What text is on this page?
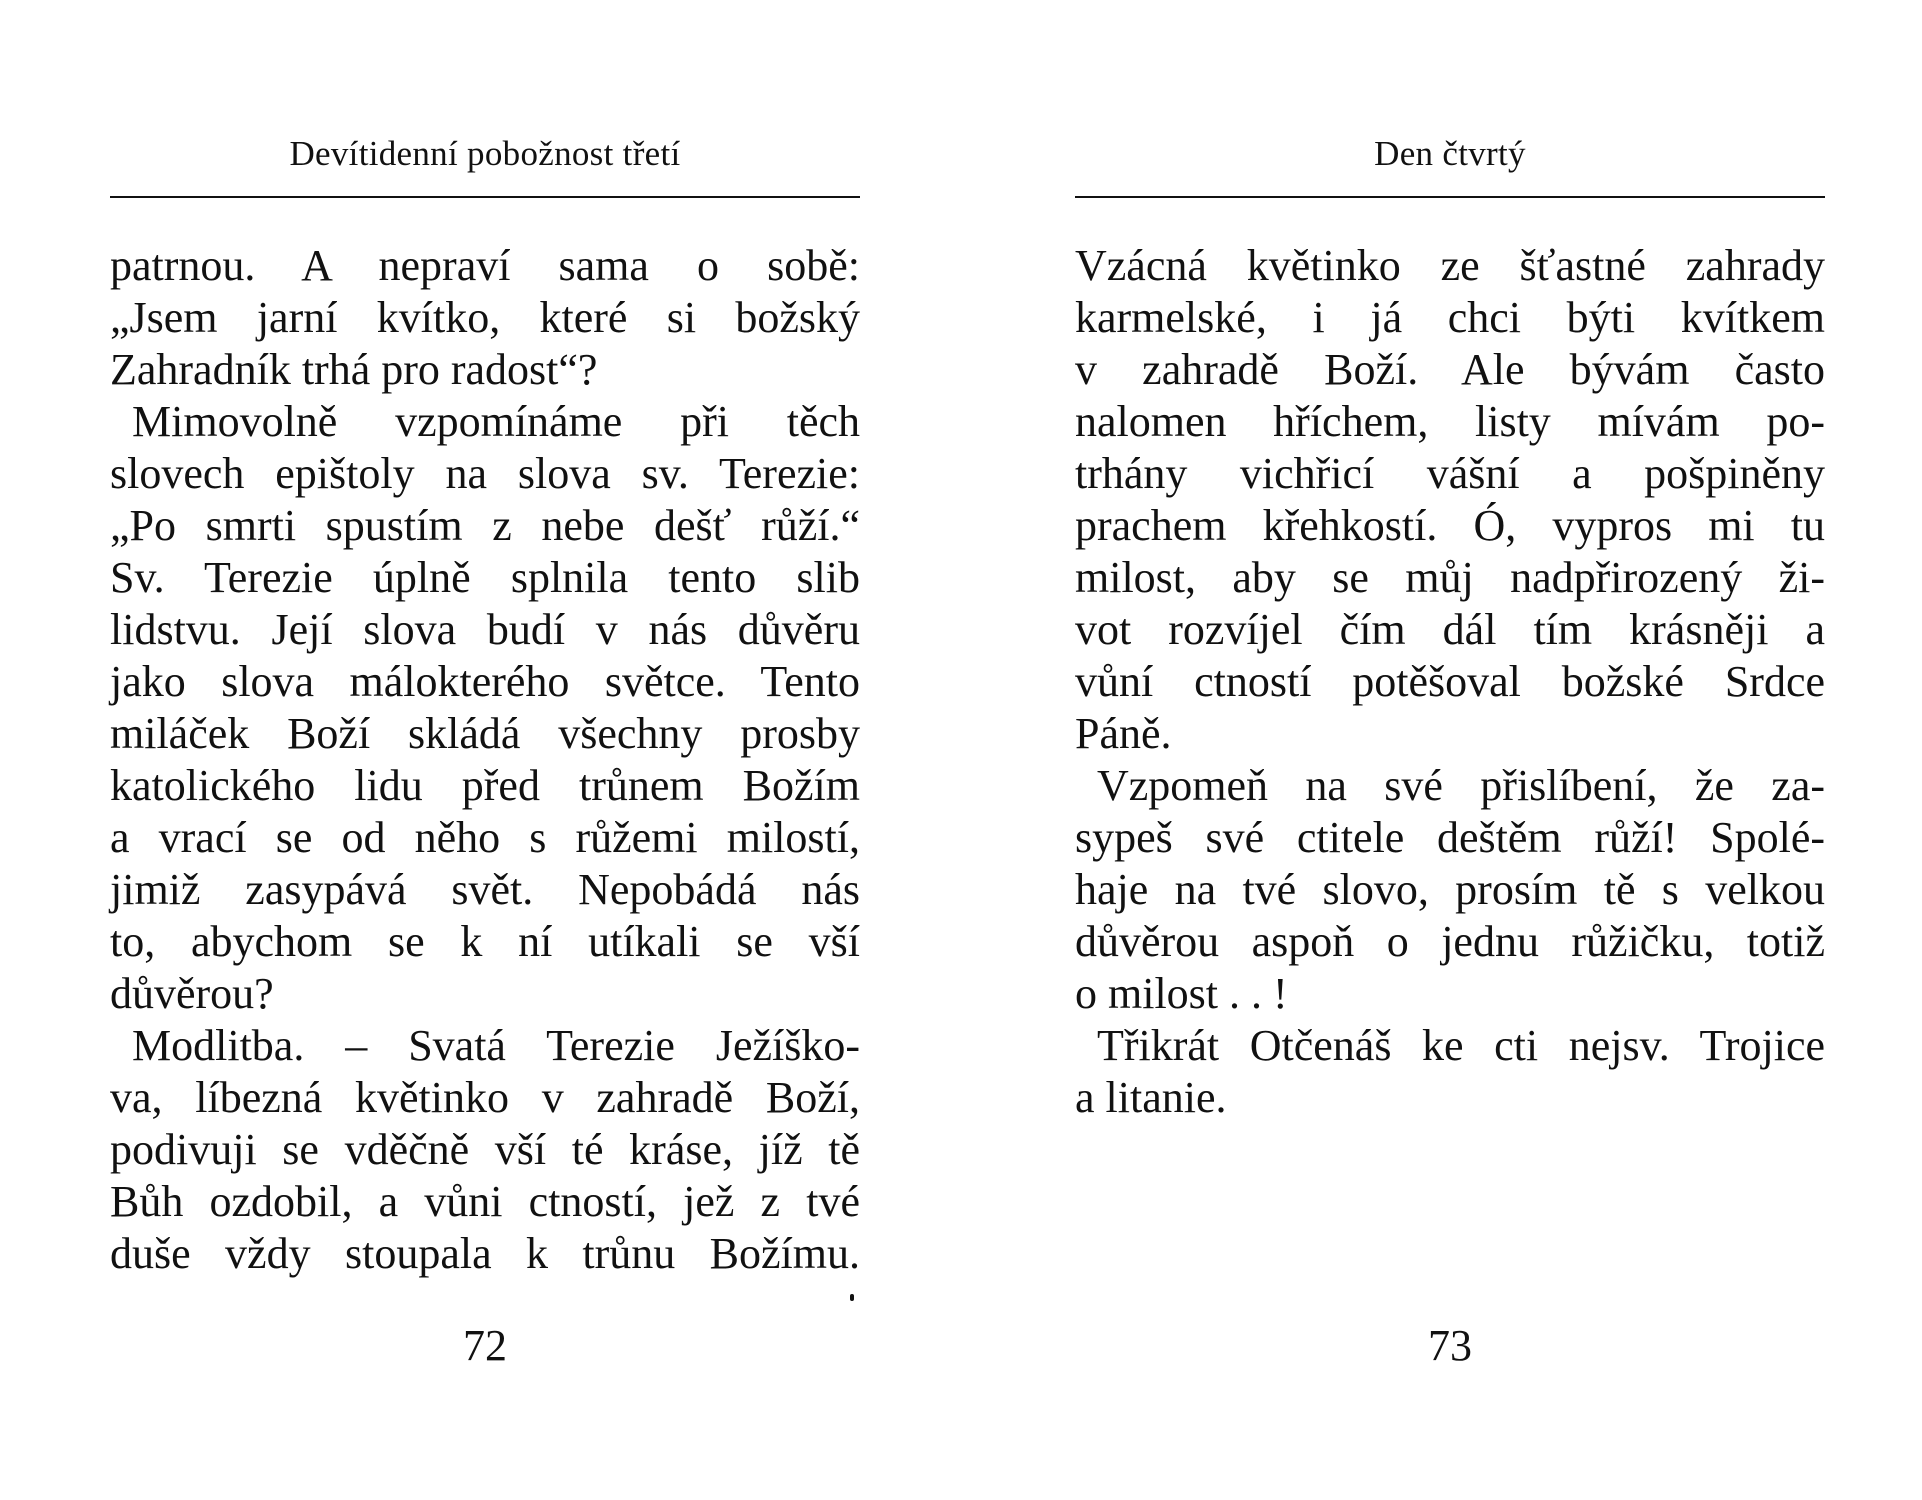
Devítidenní pobožnost třetí
patrnou. A nepraví sama o sobě:
„Jsem jarní kvítko, které si božský
Zahradník trhá pro radost“?
Mimovolně vzpomínáme při těch
slovech epištoly na slova sv. Terezie:
„Po smrti spustím z nebe dešť růží.“
Sv. Terezie úplně splnila tento slib
lidstvu. Její slova budí v nás důvěru
jako slova málokterého světce. Tento
miláček Boží skládá všechny prosby
katolického lidu před trůnem Božím
a vrací se od něho s růžemi milostí,
jimiž zasypává svět. Nepobádá nás
to, abychom se k ní utíkali se vší
důvěrou?
Modlitba. – Svatá Terezie Ježíško-
va, líbezná květinko v zahradě Boží,
podivuji se vděčně vší té kráse, jíž tě
Bůh ozdobil, a vůni ctností, jež z tvé
duše vždy stoupala k trůnu Božímu.
72
Den čtvrtý
Vzácná květinko ze šťastné zahrady
karmelské, i já chci býti kvítkem
v zahradě Boží. Ale bývám často
nalomen hříchem, listy mívám po-
trhány vichřicí vášní a pošpiněny
prachem křehkostí. Ó, vypros mi tu
milost, aby se můj nadpřirozený ži-
vot rozvíjel čím dál tím krásněji a
vůní ctností potěšoval božské Srdce
Páně.
Vzpomeň na své přislíbení, že za-
sypeš své ctitele deštěm růží! Spolé-
haje na tvé slovo, prosím tě s velkou
důvěrou aspoň o jednu růžičku, totiž
o milost . . !
Třikrát Otčenáš ke cti nejsv. Trojice
a litanie.
73
